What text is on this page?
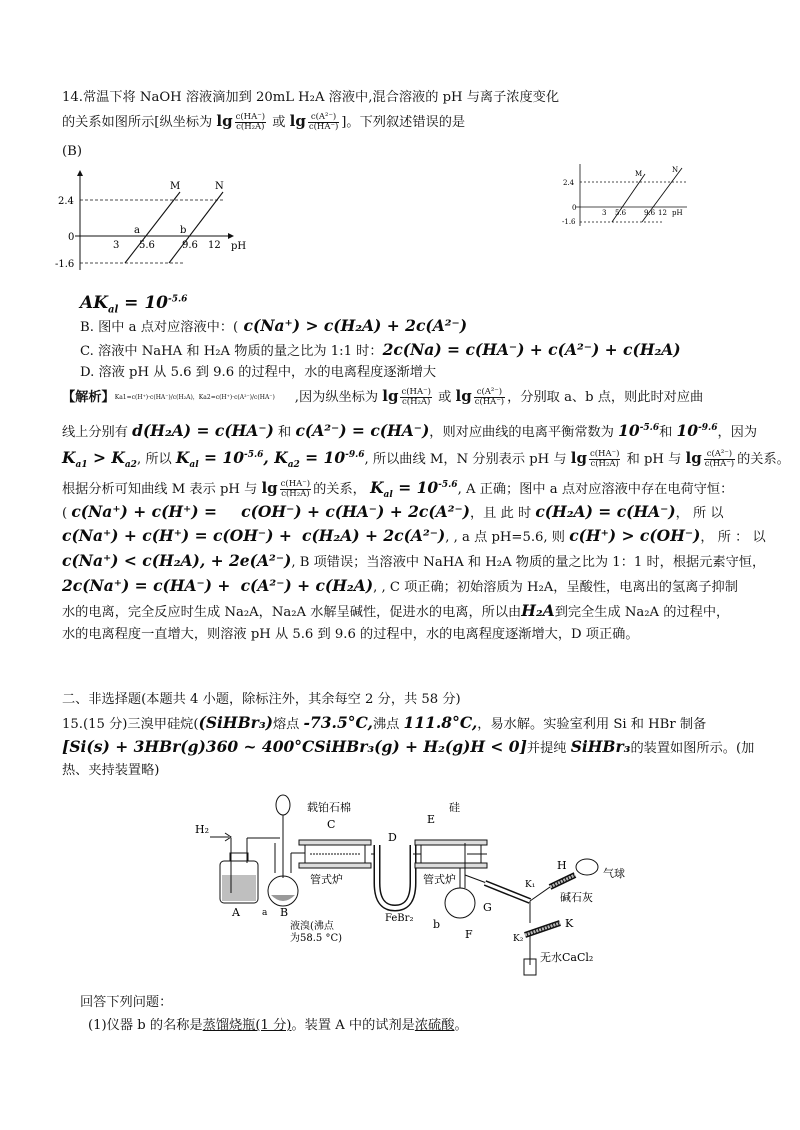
14.常温下将 NaOH 溶液滴加到 20mL H₂A 溶液中,混合溶液的 pH 与离子浓度变化
的关系如图所示[纵坐标为 $\lg \frac{c(HA^-)}{\text{c(H₂A)}}$ 或 $\lg \frac{\text{c(A²⁻)}}{c(HA^-)}$ ]。下列叙述错误的是
(B)
2.4
0
-1.6
3 5.6	9.6 12 pH
M	N
a	b
2.4
0
-1.6
3 5.6	9.6 12 pH
M	N
$AK_{al} = 10^{-5.6}$
B. 图中 a 点对应溶液中：( c(Na⁺) > c(H₂A) + 2c(A²⁻)
C. 溶液中 NaHA 和 H₂A 物质的量之比为 1:1 时：2c(Na) = c(HA⁻) + c(A²⁻) + c(H₂A)
D. 溶液 pH 从 5.6 到 9.6 的过程中，水的电离程度逐渐增大
【解析】Ka1=c(H⁺)·c(HA⁻)/c(H₂A)，Ka2=c(H⁺)·c(A²⁻)/c(HA⁻) ,因为纵坐标为 $\lg \frac{c(HA^-)}{\text{c(H₂A)}}$ 或 $\lg \frac{\text{c(A²⁻)}}{c(HA^-)}$ ，分别取 a、b 点，则此时对应曲
线上分别有 d(H₂A) = c(HA⁻) 和 c(A²⁻) = c(HA⁻)，则对应曲线的电离平衡常数为 $10^{-5.6}$和 $10^{-9.6}$，因为
$K_{a1} > K_{a2}$, 所以 $K_{al} = 10^{-5.6}$, $K_{a2} = 10^{-9.6}$, 所以曲线 M，N 分别表示 pH 与 $\lg \frac{c(HA^-)}{\text{c(H₂A)}}$ 和 pH 与 $\lg \frac{\text{c(A²⁻)}}{c(HA^-)}$ 的关系。
根据分析可知曲线 M 表示 pH 与 $\lg \frac{c(HA^-)}{\text{c(H₂A)}}$ 的关系， $K_{al} = 10^{-5.6}$, A 正确；图中 a 点对应溶液中存在电荷守恒：
( c(Na⁺) + c(H⁺) = c(OH⁻) + c(HA⁻) + 2c(A²⁻)，且 此 时 c(H₂A) = c(HA⁻)， 所 以
c(Na⁺) + c(H⁺) = c(OH⁻) + c(H₂A) + 2c(A²⁻), , a 点 pH=5.6, 则 c(H⁺) > c(OH⁻)， 所 ： 以
c(Na⁺) < c(H₂A), + 2e(A²⁻), B 项错误；当溶液中 NaHA 和 H₂A 物质的量之比为 1：1 时，根据元素守恒，
2c(Na⁺) = c(HA⁻) + c(A²⁻) + c(H₂A), , C 项正确；初始溶质为 H₂A，呈酸性，电离出的氢离子抑制
水的电离，完全反应时生成 Na₂A，Na₂A 水解呈碱性，促进水的电离，所以由H₂A到完全生成 Na₂A 的过程中，
水的电离程度一直增大，则溶液 pH 从 5.6 到 9.6 的过程中，水的电离程度逐渐增大，D 项正确。
二、非选择题(本题共 4 小题，除标注外，其余每空 2 分，共 58 分)
15.(15 分)三溴甲硅烷((SiHBr₃)熔点 -73.5°C,沸点 111.8°C,，易水解。实验室利用 Si 和 HBr 制备
[Si(s) + 3HBr(g)360 ~ 400°CSiHBr₃(g) + H₂(g)H < 0]并提纯 SiHBr₃的装置如图所示。(加
热、夹持装置略)
H₂
A a B
液溴(沸点
为58.5 °C)
载铂石棉
C
管式炉
D
FeBr₂
E
硅
管式炉
b
F
G
K₁
H
气球
碱石灰
K₂
K
无水CaCl₂
回答下列问题：
(1)仪器 b 的名称是蒸馏烧瓶(1 分)。装置 A 中的试剂是浓硫酸。
